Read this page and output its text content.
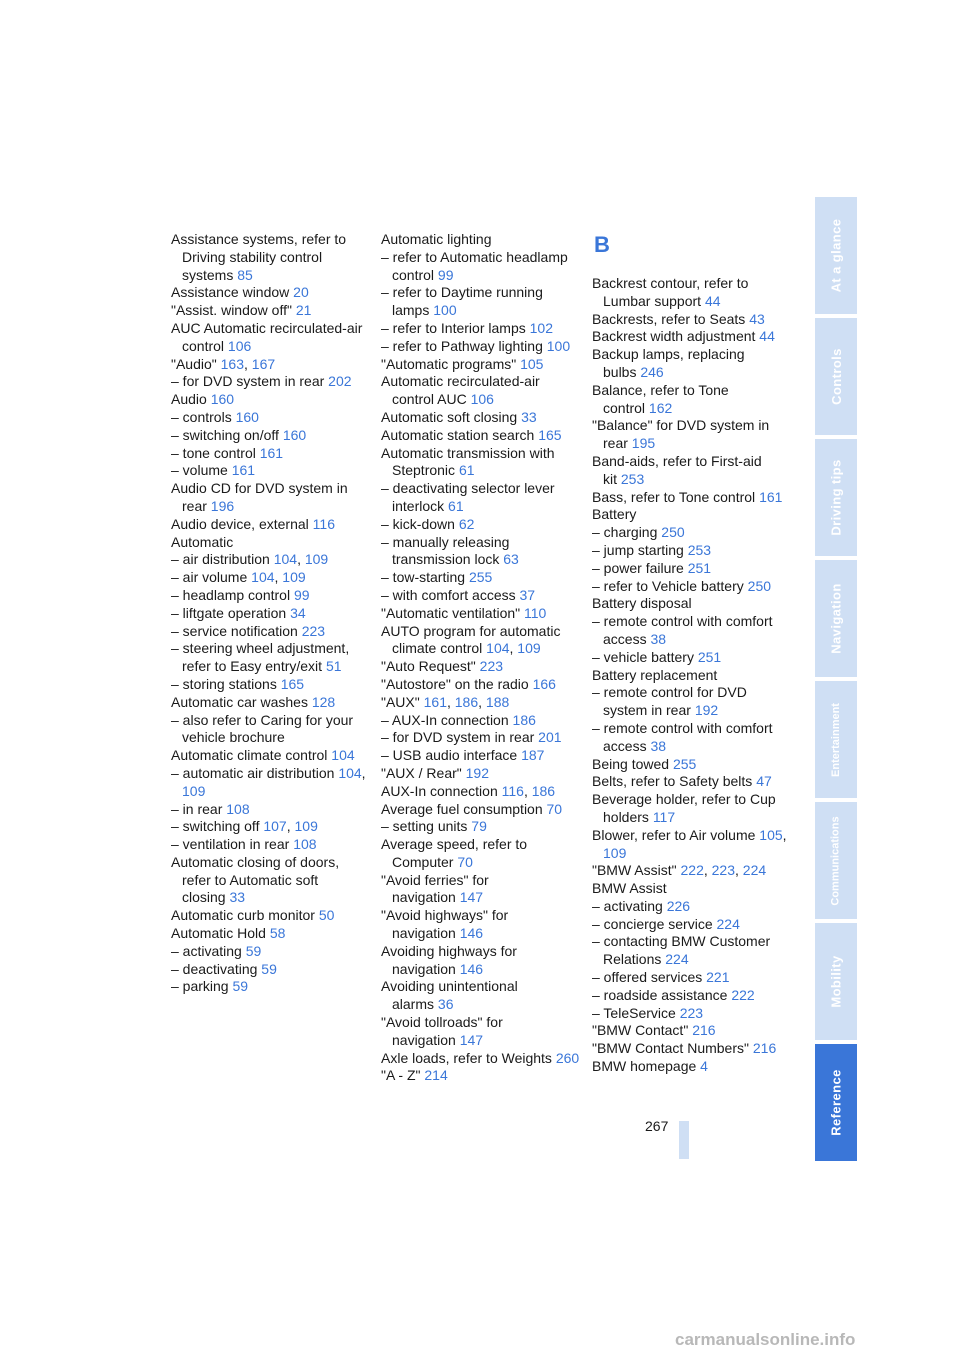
Assistance systems, refer to Driving stability control systems 85
Assistance window 20
"Assist. window off" 21
AUC Automatic recirculated-air control 106
"Audio" 163, 167
– for DVD system in rear 202
Audio 160
– controls 160
– switching on/off 160
– tone control 161
– volume 161
Audio CD for DVD system in rear 196
Audio device, external 116
Automatic
– air distribution 104, 109
– air volume 104, 109
– headlamp control 99
– liftgate operation 34
– service notification 223
– steering wheel adjustment, refer to Easy entry/exit 51
– storing stations 165
Automatic car washes 128
– also refer to Caring for your vehicle brochure
Automatic climate control 104
– automatic air distribution 104, 109
– in rear 108
– switching off 107, 109
– ventilation in rear 108
Automatic closing of doors, refer to Automatic soft closing 33
Automatic curb monitor 50
Automatic Hold 58
– activating 59
– deactivating 59
– parking 59
Automatic lighting
– refer to Automatic headlamp control 99
– refer to Daytime running lamps 100
– refer to Interior lamps 102
– refer to Pathway lighting 100
"Automatic programs" 105
Automatic recirculated-air control AUC 106
Automatic soft closing 33
Automatic station search 165
Automatic transmission with Steptronic 61
– deactivating selector lever interlock 61
– kick-down 62
– manually releasing transmission lock 63
– tow-starting 255
– with comfort access 37
"Automatic ventilation" 110
AUTO program for automatic climate control 104, 109
"Auto Request" 223
"Autostore" on the radio 166
"AUX" 161, 186, 188
– AUX-In connection 186
– for DVD system in rear 201
– USB audio interface 187
"AUX / Rear" 192
AUX-In connection 116, 186
Average fuel consumption 70
– setting units 79
Average speed, refer to Computer 70
"Avoid ferries" for navigation 147
"Avoid highways" for navigation 146
Avoiding highways for navigation 146
Avoiding unintentional alarms 36
"Avoid tollroads" for navigation 147
Axle loads, refer to Weights 260
"A - Z" 214
B
Backrest contour, refer to Lumbar support 44
Backrests, refer to Seats 43
Backrest width adjustment 44
Backup lamps, replacing bulbs 246
Balance, refer to Tone control 162
"Balance" for DVD system in rear 195
Band-aids, refer to First-aid kit 253
Bass, refer to Tone control 161
Battery
– charging 250
– jump starting 253
– power failure 251
– refer to Vehicle battery 250
Battery disposal
– remote control with comfort access 38
– vehicle battery 251
Battery replacement
– remote control for DVD system in rear 192
– remote control with comfort access 38
Being towed 255
Belts, refer to Safety belts 47
Beverage holder, refer to Cup holders 117
Blower, refer to Air volume 105, 109
"BMW Assist" 222, 223, 224
BMW Assist
– activating 226
– concierge service 224
– contacting BMW Customer Relations 224
– offered services 221
– roadside assistance 222
– TeleService 223
"BMW Contact" 216
"BMW Contact Numbers" 216
BMW homepage 4
At a glance
Controls
Driving tips
Navigation
Entertainment
Communications
Mobility
Reference
267
carmanualsonline.info
